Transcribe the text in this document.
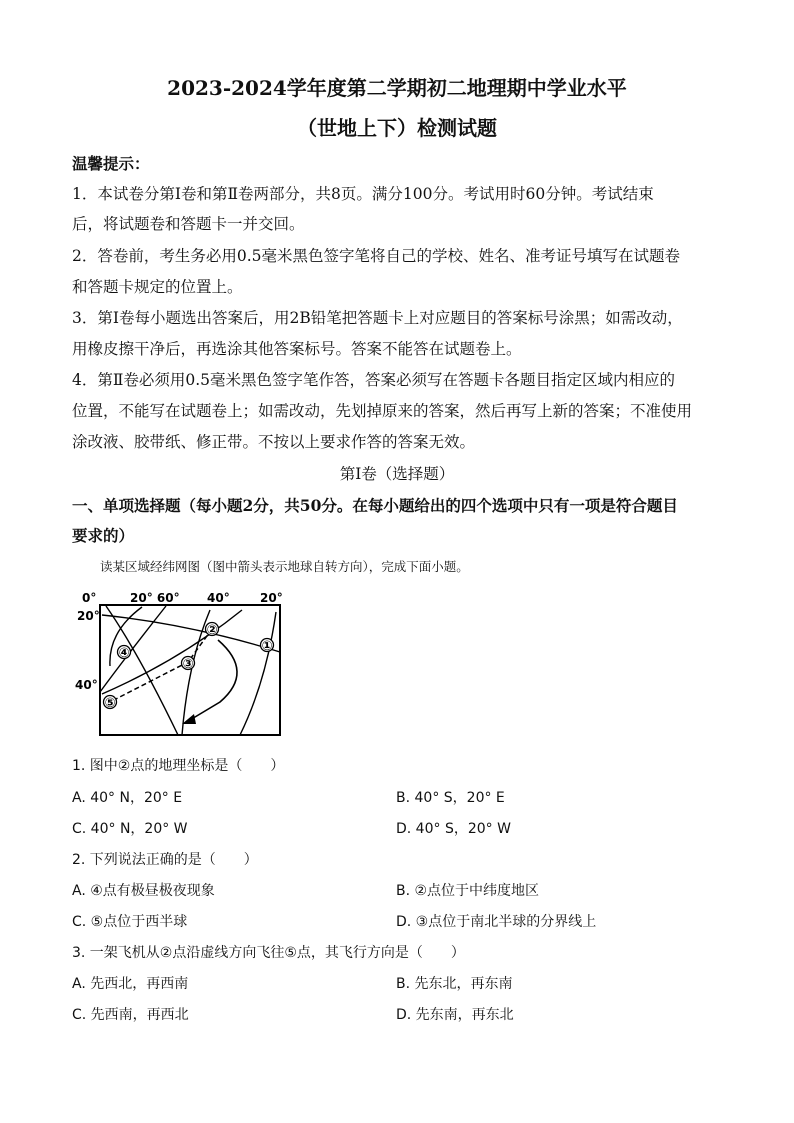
2023-2024学年度第二学期初二地理期中学业水平
（世地上下）检测试题
温馨提示：
1．本试卷分第Ⅰ卷和第Ⅱ卷两部分，共8页。满分100分。考试用时60分钟。考试结束
后，将试题卷和答题卡一并交回。
2．答卷前，考生务必用0.5毫米黑色签字笔将自己的学校、姓名、准考证号填写在试题卷
和答题卡规定的位置上。
3．第Ⅰ卷每小题选出答案后，用2B铅笔把答题卡上对应题目的答案标号涂黑；如需改动，
用橡皮擦干净后，再选涂其他答案标号。答案不能答在试题卷上。
4．第Ⅱ卷必须用0.5毫米黑色签字笔作答，答案必须写在答题卡各题目指定区域内相应的
位置，不能写在试题卷上；如需改动，先划掉原来的答案，然后再写上新的答案；不准使用
涂改液、胶带纸、修正带。不按以上要求作答的答案无效。
第Ⅰ卷（选择题）
一、单项选择题（每小题2分，共50分。在每小题给出的四个选项中只有一项是符合题目
要求的）
读某区域经纬网图（图中箭头表示地球自转方向），完成下面小题。
0°	20° 60° 40°	20°
20°
40°
①
②
③
④
⑤
1. 图中②点的地理坐标是（　　）
A. 40° N，20° E	B. 40° S，20° E
C. 40° N，20° W	D. 40° S，20° W
2. 下列说法正确的是（　　）
A. ④点有极昼极夜现象	B. ②点位于中纬度地区
C. ⑤点位于西半球	D. ③点位于南北半球的分界线上
3. 一架飞机从②点沿虚线方向飞往⑤点，其飞行方向是（　　）
A. 先西北，再西南	B. 先东北，再东南
C. 先西南，再西北	D. 先东南，再东北
